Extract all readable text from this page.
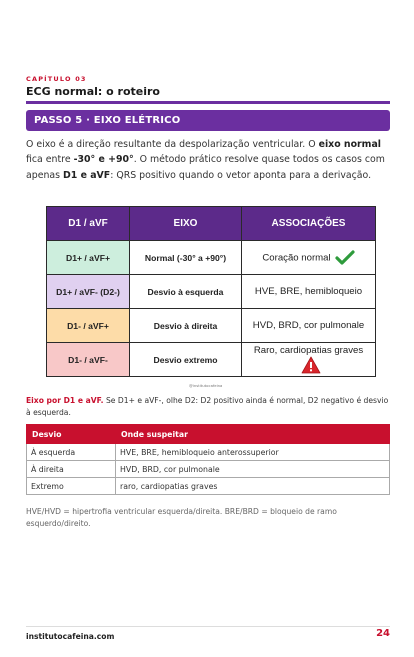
CAPÍTULO 03
ECG normal: o roteiro
PASSO 5 · EIXO ELÉTRICO
O eixo é a direção resultante da despolarização ventricular. O eixo normal fica entre -30° e +90°. O método prático resolve quase todos os casos com apenas D1 e aVF: QRS positivo quando o vetor aponta para a derivação.
D1 / aVF	EIXO	ASSOCIAÇÕES
D1+ / aVF+	Normal (-30° a +90°)	Coração normal
D1+ / aVF- (D2-)	Desvio à esquerda	HVE, BRE, hemibloqueio
D1- / aVF+	Desvio à direita	HVD, BRD, cor pulmonale
D1- / aVF-	Desvio extremo	Raro, cardiopatias graves
@institutocafeina
Eixo por D1 e aVF. Se D1+ e aVF-, olhe D2: D2 positivo ainda é normal, D2 negativo é desvio à esquerda.
Desvio	Onde suspeitar
À esquerda	HVE, BRE, hemibloqueio anterossuperior
À direita	HVD, BRD, cor pulmonale
Extremo	raro, cardiopatias graves
HVE/HVD = hipertrofia ventricular esquerda/direita. BRE/BRD = bloqueio de ramo esquerdo/direito.
institutocafeina.com	24
